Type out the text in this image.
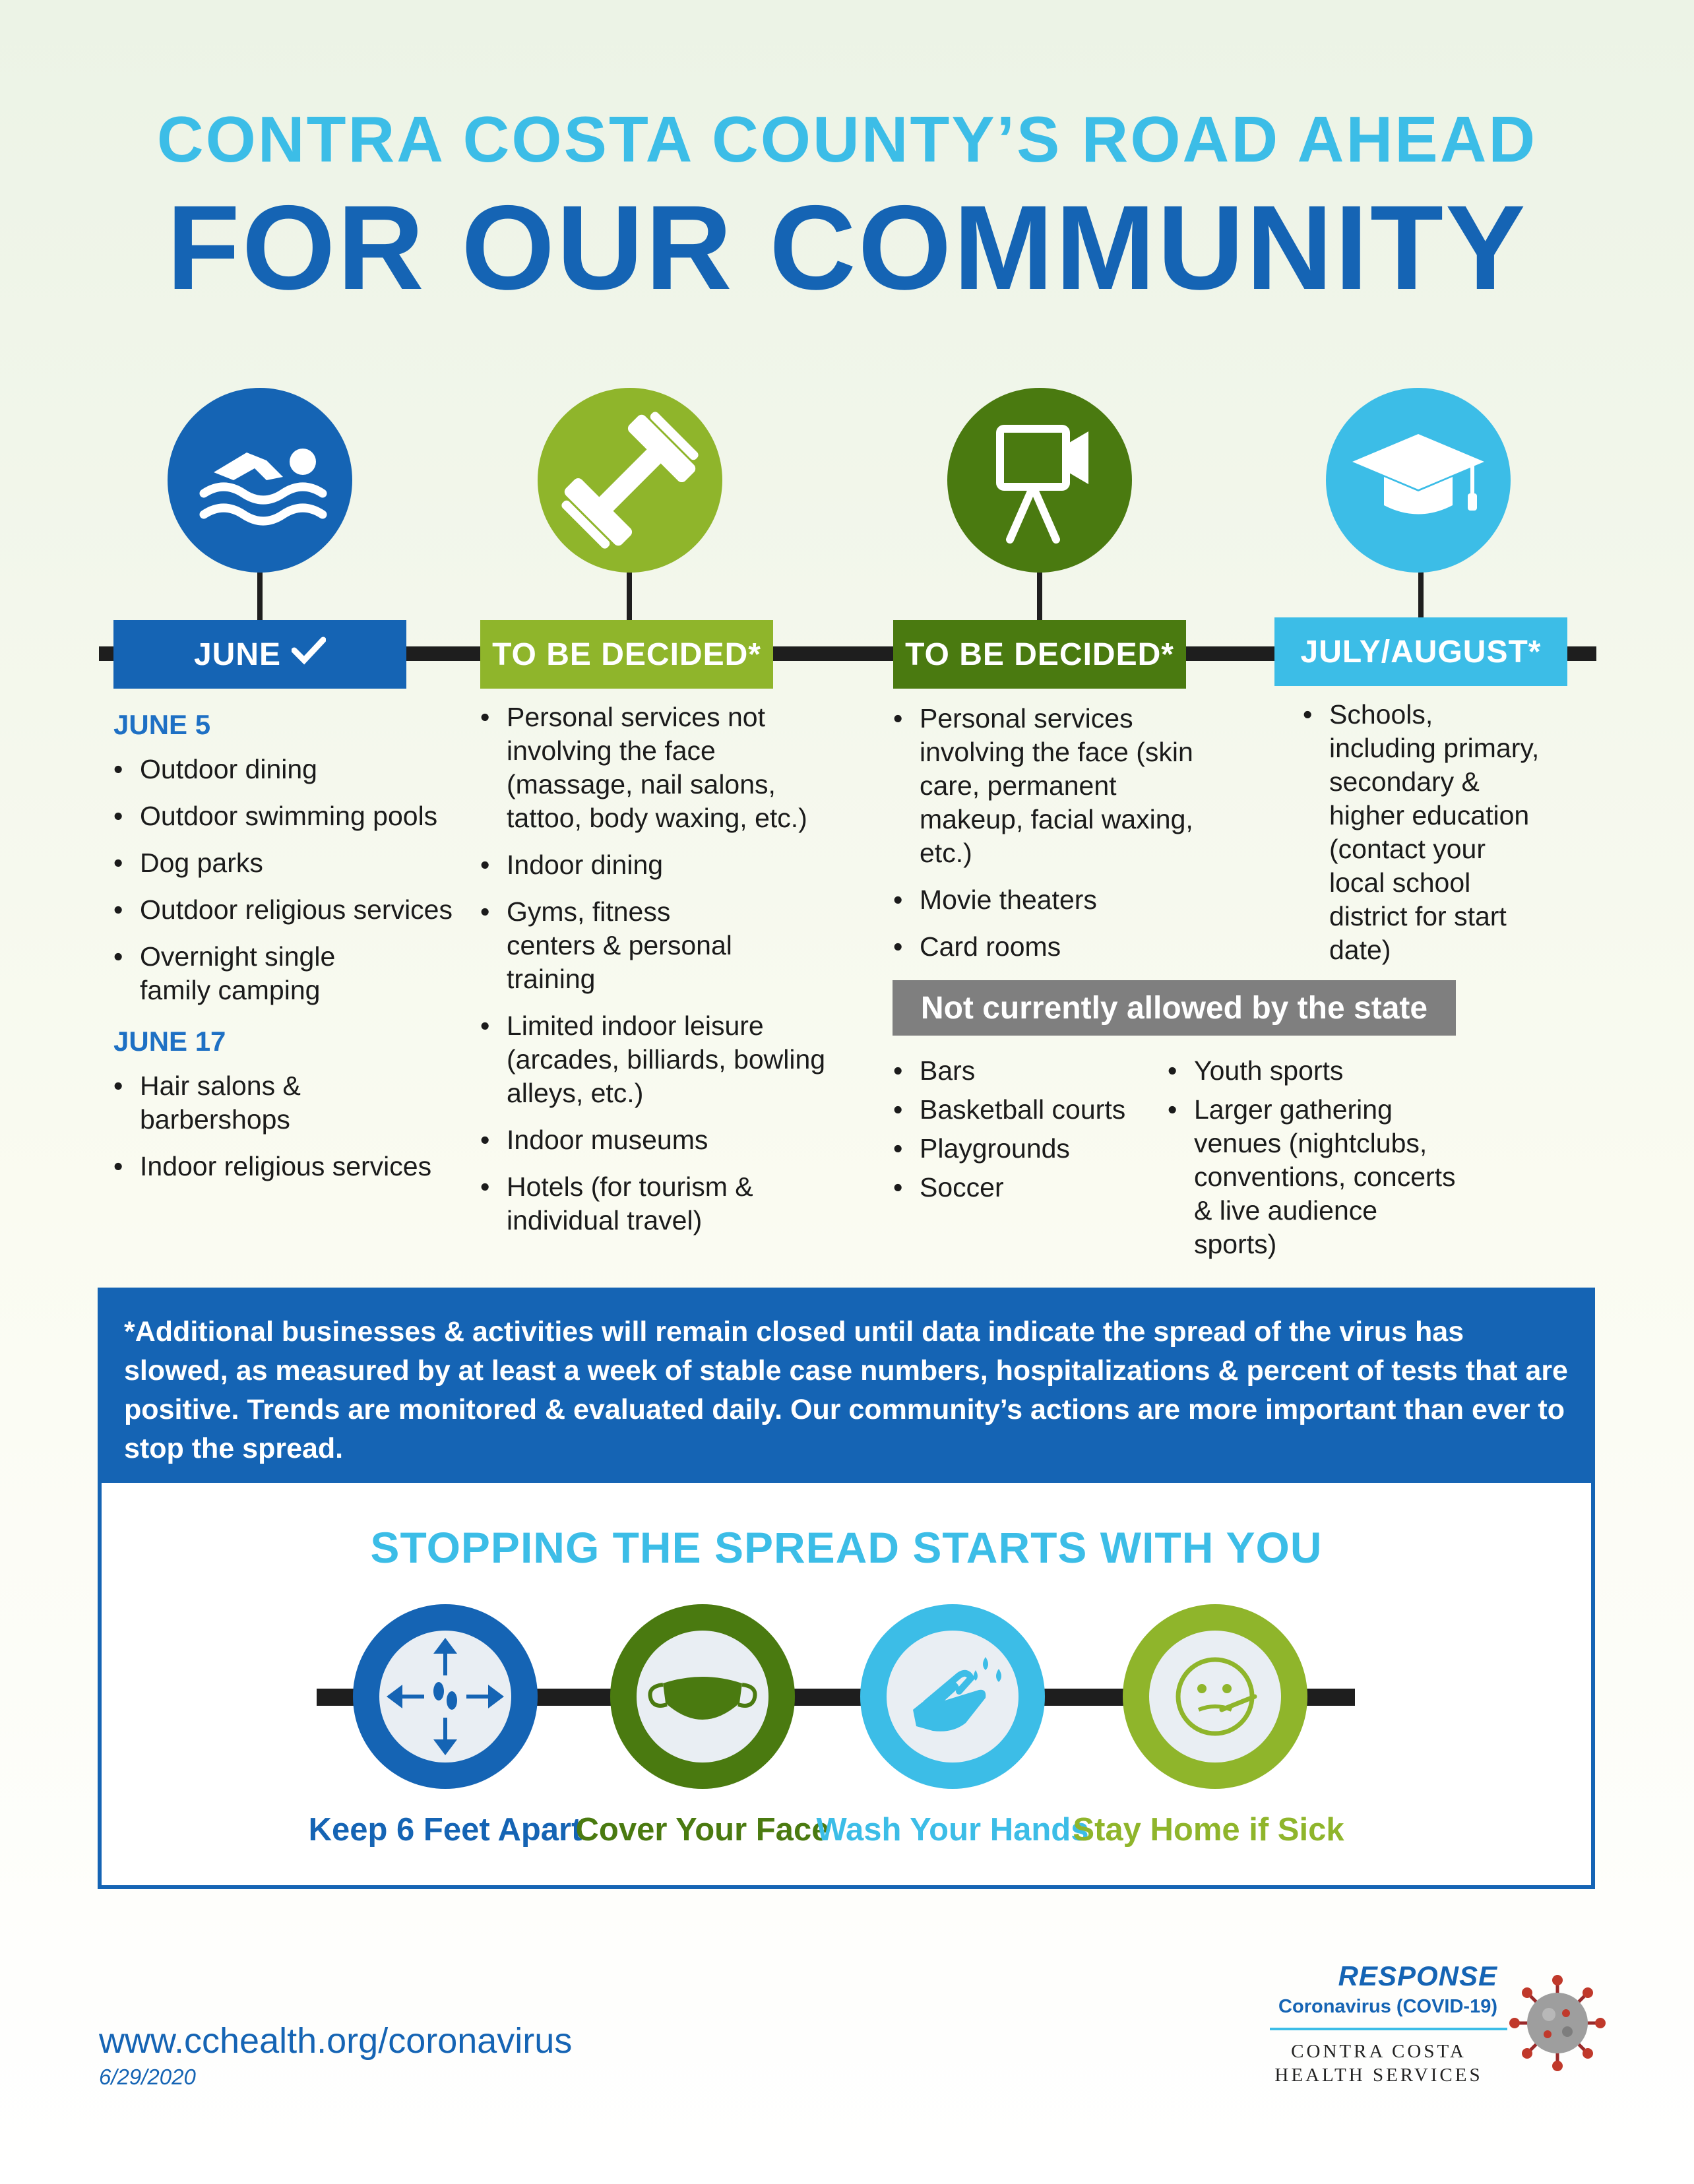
CONTRA COSTA COUNTY’S ROAD AHEAD
FOR OUR COMMUNITY
JUNE	TO BE DECIDED*	TO BE DECIDED*	JULY/AUGUST*
JUNE 5
• Outdoor dining
• Outdoor swimming pools
• Dog parks
• Outdoor religious services
• Overnight single family camping
JUNE 17
• Hair salons & barbershops
• Indoor religious services
• Personal services not involving the face (massage, nail salons, tattoo, body waxing, etc.)
• Indoor dining
• Gyms, fitness centers & personal training
• Limited indoor leisure (arcades, billiards, bowling alleys, etc.)
• Indoor museums
• Hotels (for tourism & individual travel)
• Personal services involving the face (skin care, permanent makeup, facial waxing, etc.)
• Movie theaters
• Card rooms
• Schools, including primary, secondary & higher education (contact your local school district for start date)
Not currently allowed by the state
• Bars
• Basketball courts
• Playgrounds
• Soccer
• Youth sports
• Larger gathering venues (nightclubs, conventions, concerts & live audience sports)
*Additional businesses & activities will remain closed until data indicate the spread of the virus has slowed, as measured by at least a week of stable case numbers, hospitalizations & percent of tests that are positive. Trends are monitored & evaluated daily. Our community’s actions are more important than ever to stop the spread.
STOPPING THE SPREAD STARTS WITH YOU
Keep 6 Feet Apart
Cover Your Face
Wash Your Hands
Stay Home if Sick
www.cchealth.org/coronavirus
6/29/2020
RESPONSE
Coronavirus (COVID-19)
CONTRA COSTA
HEALTH SERVICES
